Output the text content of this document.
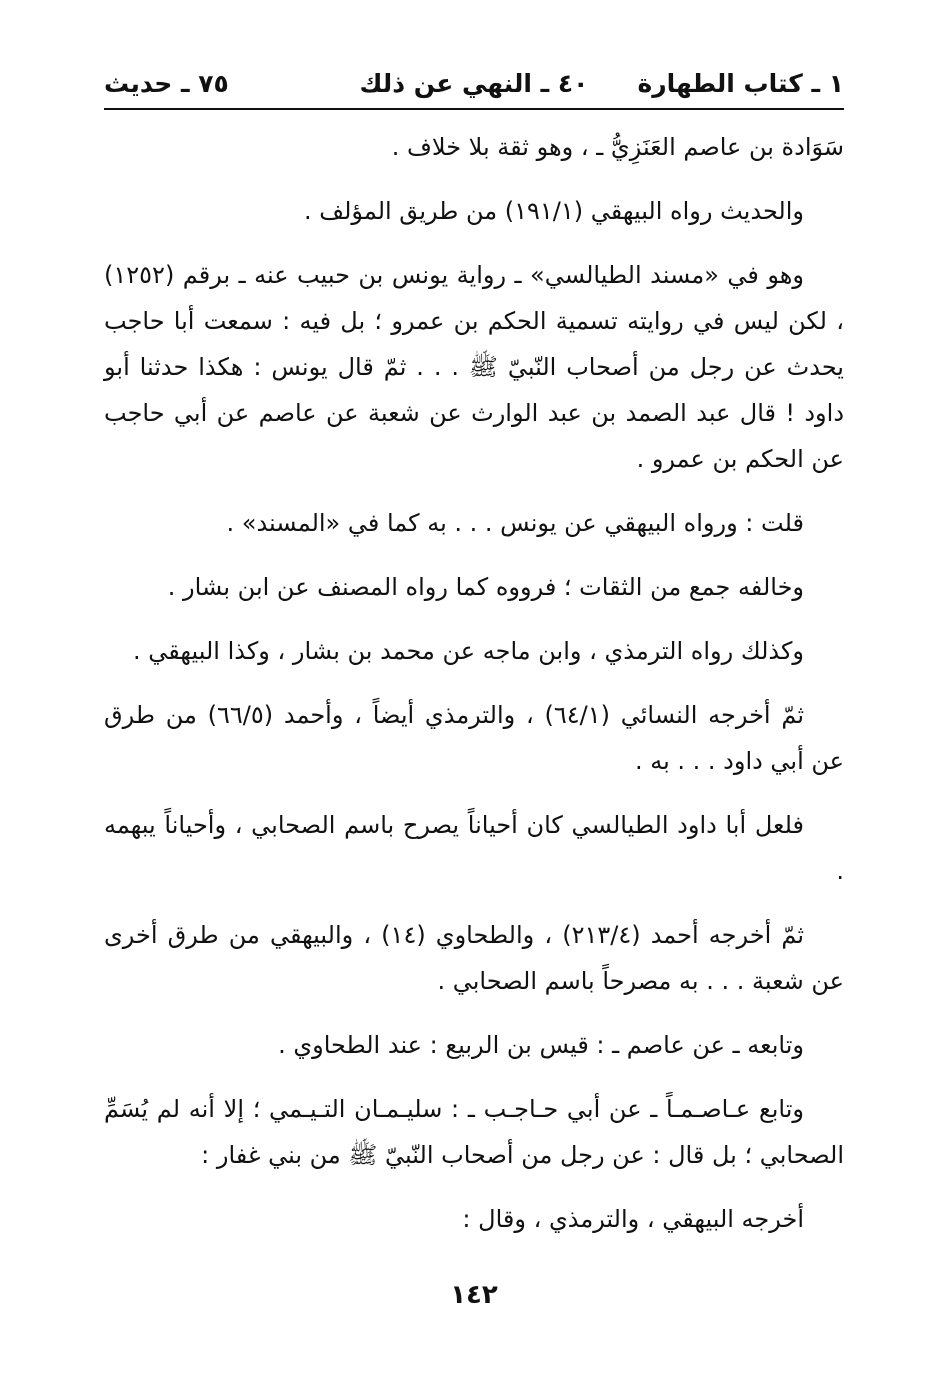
١ ـ كتاب الطهارة
٤٠ ـ النهي عن ذلك
٧٥ ـ حديث

سَوَادة بن عاصم العَنَزِيُّ ـ ، وهو ثقة بلا خلاف .

والحديث رواه البيهقي (١٩١/١) من طريق المؤلف .

وهو في «مسند الطيالسي» ـ رواية يونس بن حبيب عنه ـ برقم (١٢٥٢) ، لكن ليس في روايته تسمية الحكم بن عمرو ؛ بل فيه : سمعت أبا حاجب يحدث عن رجل من أصحاب النّبيّ ﷺ . . . ثمّ قال يونس : هكذا حدثنا أبو داود ! قال عبد الصمد بن عبد الوارث عن شعبة عن عاصم عن أبي حاجب عن الحكم بن عمرو .

قلت : ورواه البيهقي عن يونس . . . به كما في «المسند» .

وخالفه جمع من الثقات ؛ فرووه كما رواه المصنف عن ابن بشار .

وكذلك رواه الترمذي ، وابن ماجه عن محمد بن بشار ، وكذا البيهقي .

ثمّ أخرجه النسائي (٦٤/١) ، والترمذي أيضاً ، وأحمد (٦٦/٥) من طرق عن أبي داود . . . به .

فلعل أبا داود الطيالسي كان أحياناً يصرح باسم الصحابي ، وأحياناً يبهمه .

ثمّ أخرجه أحمد (٢١٣/٤) ، والطحاوي (١٤) ، والبيهقي من طرق أخرى عن شعبة . . . به مصرحاً باسم الصحابي .

وتابعه ـ عن عاصم ـ : قيس بن الربيع : عند الطحاوي .

وتابع عـاصـمـاً ـ عن أبي حـاجـب ـ : سليـمـان التـيـمي ؛ إلا أنه لم يُسَمِّ الصحابي ؛ بل قال : عن رجل من أصحاب النّبيّ ﷺ من بني غفار :

أخرجه البيهقي ، والترمذي ، وقال :

١٤٢
